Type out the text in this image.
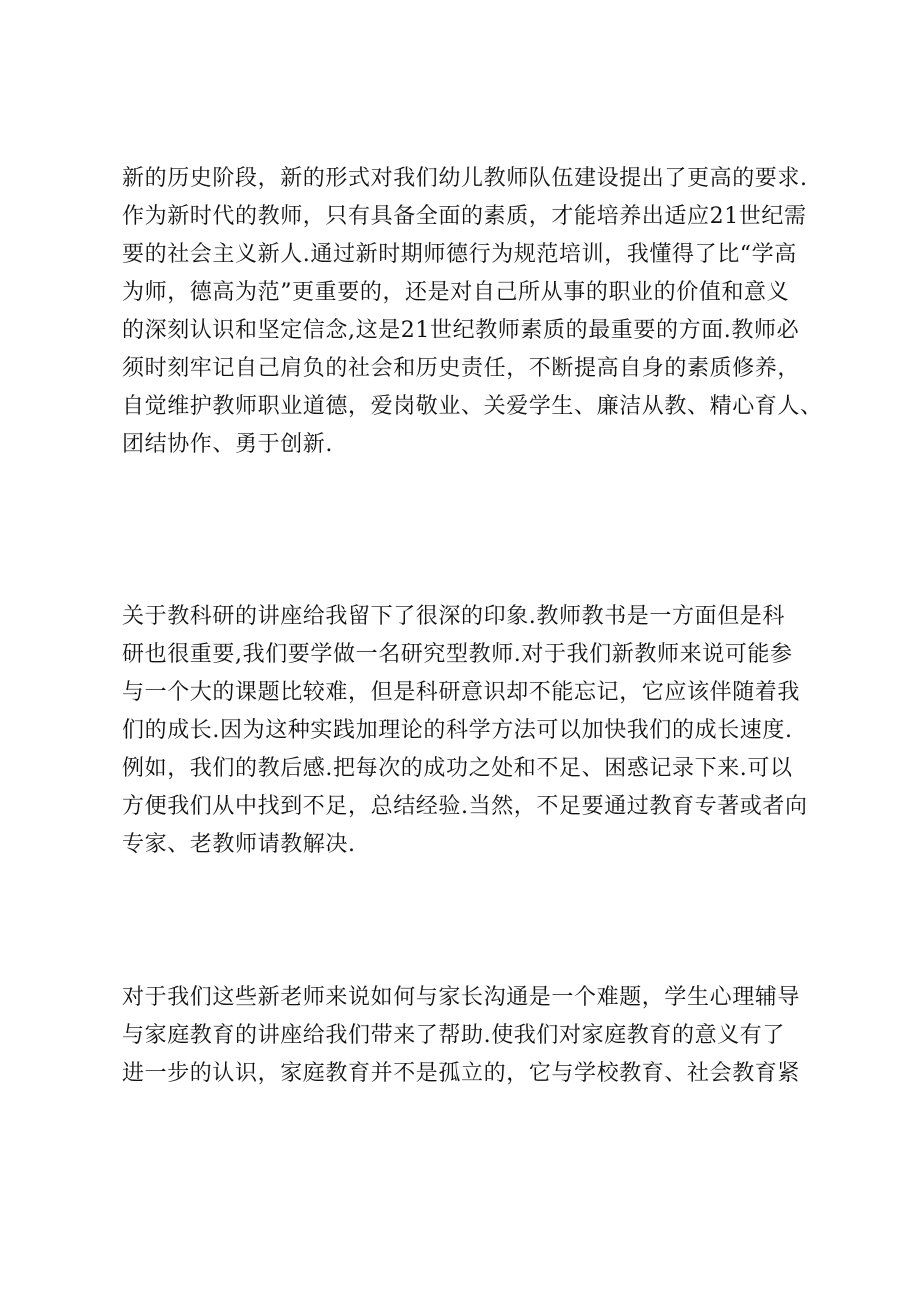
新的历史阶段，新的形式对我们幼儿教师队伍建设提出了更高的要求.
作为新时代的教师，只有具备全面的素质，才能培养出适应21世纪需
要的社会主义新人.通过新时期师德行为规范培训，我懂得了比“学高
为师，德高为范”更重要的，还是对自己所从事的职业的价值和意义
的深刻认识和坚定信念,这是21世纪教师素质的最重要的方面.教师必
须时刻牢记自己肩负的社会和历史责任，不断提高自身的素质修养，
自觉维护教师职业道德，爱岗敬业、关爱学生、廉洁从教、精心育人、
团结协作、勇于创新.
关于教科研的讲座给我留下了很深的印象.教师教书是一方面但是科
研也很重要,我们要学做一名研究型教师.对于我们新教师来说可能参
与一个大的课题比较难，但是科研意识却不能忘记，它应该伴随着我
们的成长.因为这种实践加理论的科学方法可以加快我们的成长速度.
例如，我们的教后感.把每次的成功之处和不足、困惑记录下来.可以
方便我们从中找到不足，总结经验.当然，不足要通过教育专著或者向
专家、老教师请教解决.
对于我们这些新老师来说如何与家长沟通是一个难题，学生心理辅导
与家庭教育的讲座给我们带来了帮助.使我们对家庭教育的意义有了
进一步的认识，家庭教育并不是孤立的，它与学校教育、社会教育紧
